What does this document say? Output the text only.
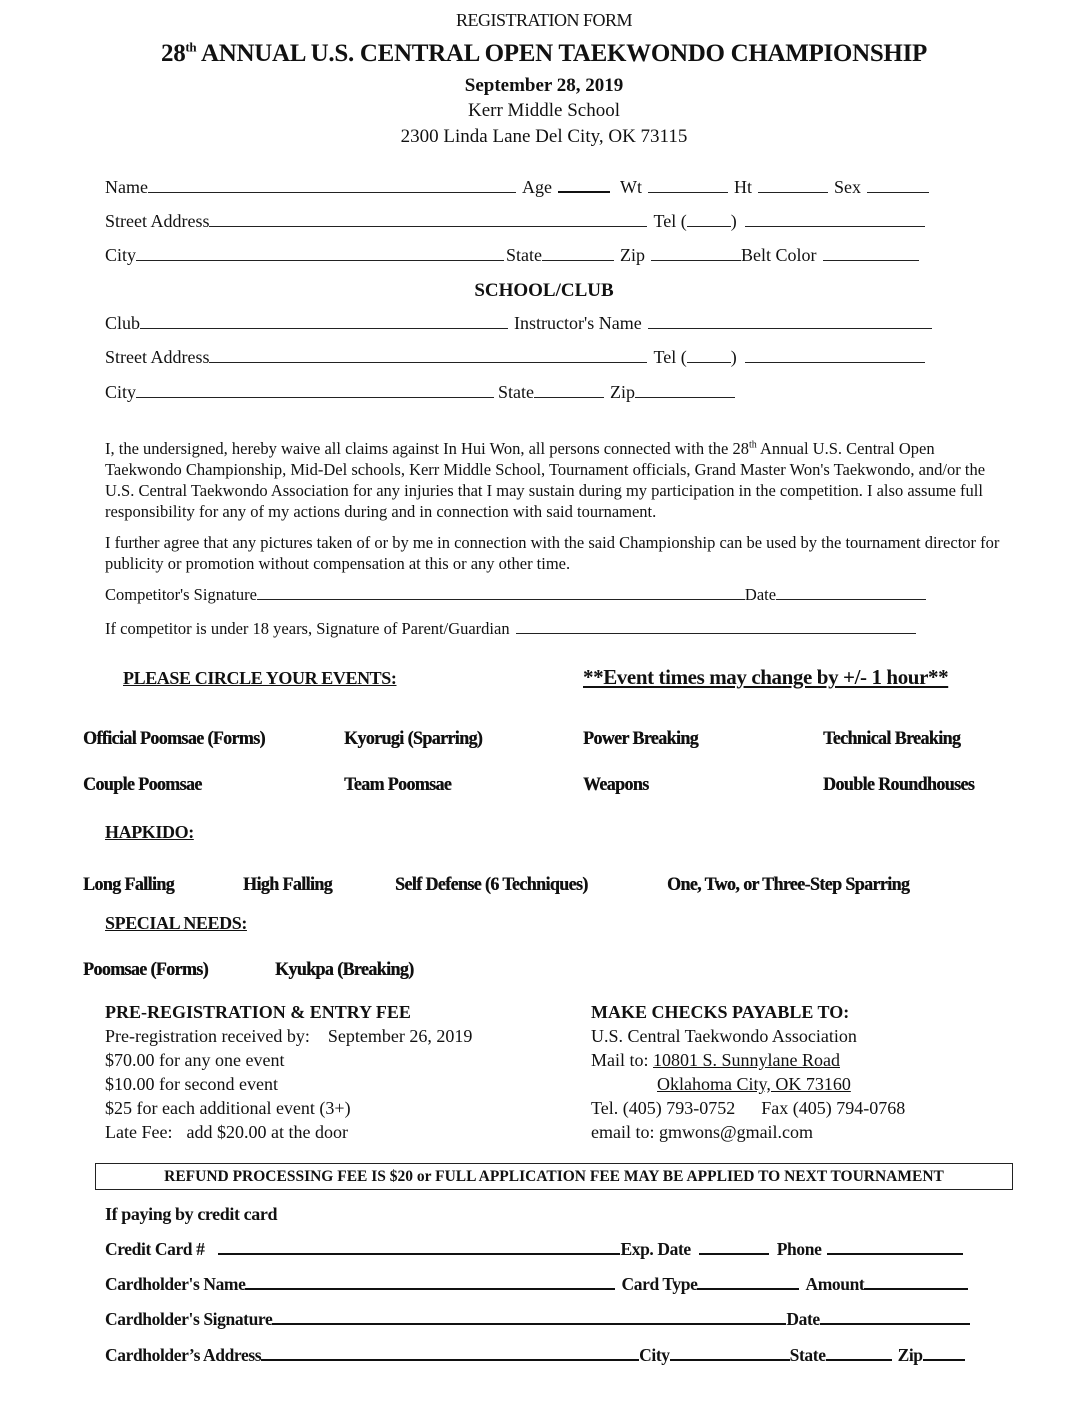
REGISTRATION FORM
28th ANNUAL U.S. CENTRAL OPEN TAEKWONDO CHAMPIONSHIP
September 28, 2019
Kerr Middle School
2300 Linda Lane Del City, OK 73115
Name	Age	Wt	Ht	Sex
Street Address	Tel ( )
City	State	Zip	Belt Color
SCHOOL/CLUB
Club	Instructor's Name
Street Address	Tel ( )
City	State	Zip
I, the undersigned, hereby waive all claims against In Hui Won, all persons connected with the 28th Annual U.S. Central Open Taekwondo Championship, Mid-Del schools, Kerr Middle School, Tournament officials, Grand Master Won's Taekwondo, and/or the U.S. Central Taekwondo Association for any injuries that I may sustain during my participation in the competition. I also assume full responsibility for any of my actions during and in connection with said tournament.
I further agree that any pictures taken of or by me in connection with the said Championship can be used by the tournament director for publicity or promotion without compensation at this or any other time.
Competitor's Signature	Date
If competitor is under 18 years, Signature of Parent/Guardian
PLEASE CIRCLE YOUR EVENTS:	**Event times may change by +/- 1 hour**
Official Poomsae (Forms)	Kyorugi (Sparring)	Power Breaking	Technical Breaking
Couple Poomsae	Team Poomsae	Weapons	Double Roundhouses
HAPKIDO:
Long Falling	High Falling	Self Defense (6 Techniques)	One, Two, or Three-Step Sparring
SPECIAL NEEDS:
Poomsae (Forms)	Kyukpa (Breaking)
PRE-REGISTRATION & ENTRY FEE
Pre-registration received by: September 26, 2019
$70.00 for any one event
$10.00 for second event
$25 for each additional event (3+)
Late Fee: add $20.00 at the door
MAKE CHECKS PAYABLE TO:
U.S. Central Taekwondo Association
Mail to: 10801 S. Sunnylane Road
Oklahoma City, OK 73160
Tel. (405) 793-0752 Fax (405) 794-0768
email to: gmwons@gmail.com
REFUND PROCESSING FEE IS $20 or FULL APPLICATION FEE MAY BE APPLIED TO NEXT TOURNAMENT
If paying by credit card
Credit Card #	Exp. Date	Phone
Cardholder's Name	Card Type	Amount
Cardholder's Signature	Date
Cardholder’s Address	City	State	Zip
